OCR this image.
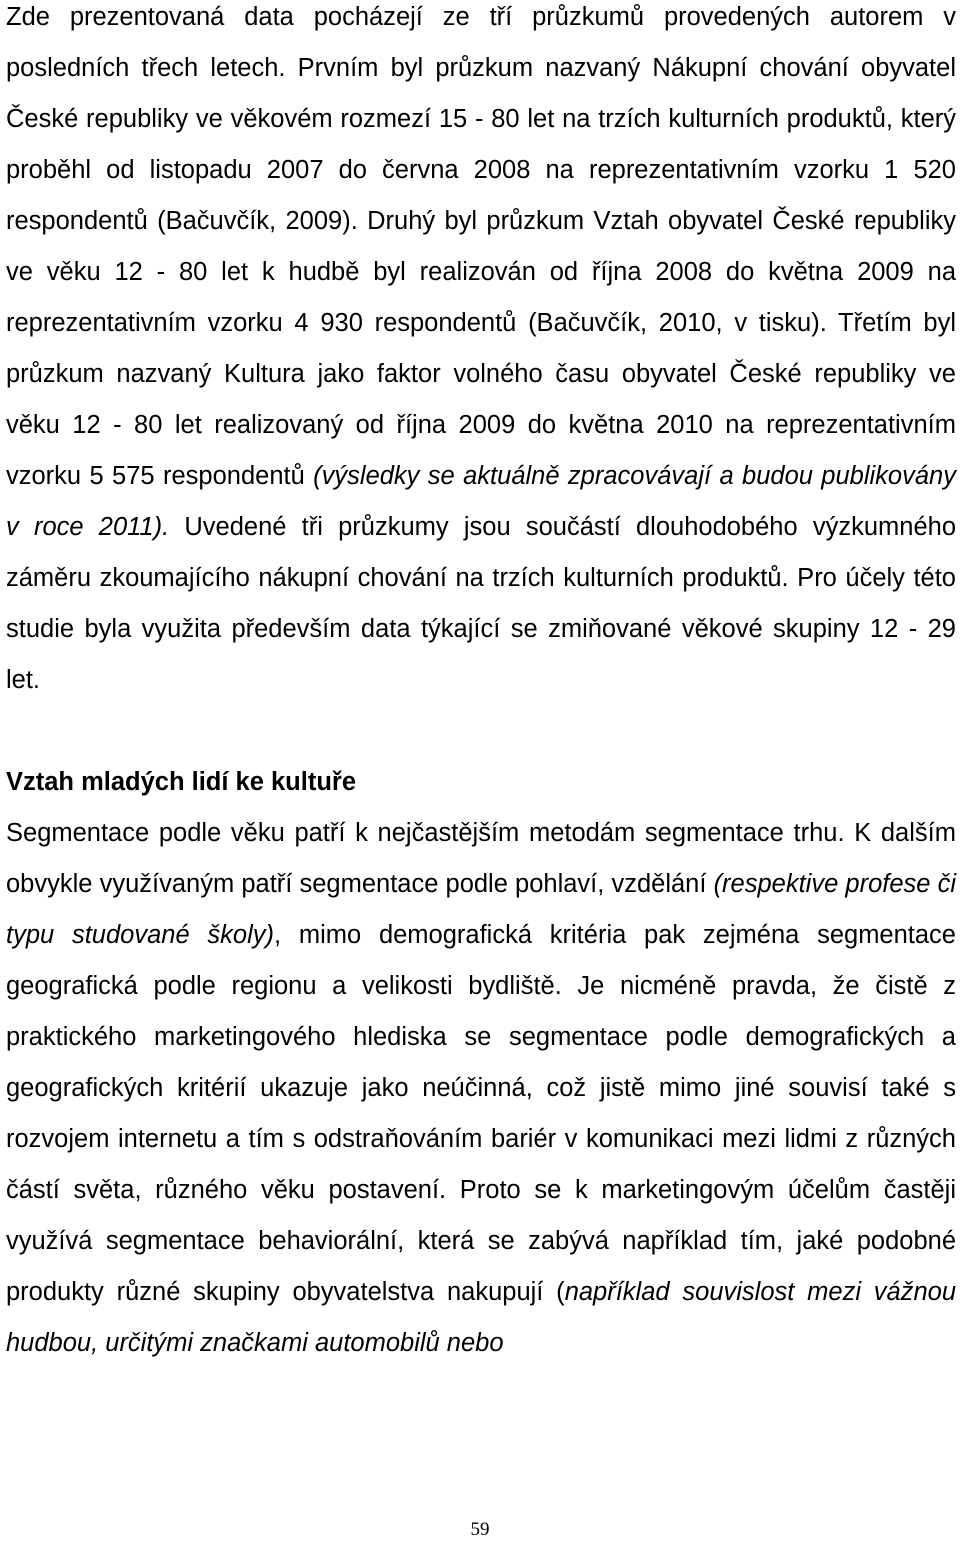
Zde prezentovaná data pocházejí ze tří průzkumů provedených autorem v posledních třech letech. Prvním byl průzkum nazvaný Nákupní chování obyvatel České republiky ve věkovém rozmezí 15 - 80 let na trzích kulturních produktů, který proběhl od listopadu 2007 do června 2008 na reprezentativním vzorku 1 520 respondentů (Bačuvčík, 2009). Druhý byl průzkum Vztah obyvatel České republiky ve věku 12 - 80 let k hudbě byl realizován od října 2008 do května 2009 na reprezentativním vzorku 4 930 respondentů (Bačuvčík, 2010, v tisku). Třetím byl průzkum nazvaný Kultura jako faktor volného času obyvatel České republiky ve věku 12 - 80 let realizovaný od října 2009 do května 2010 na reprezentativním vzorku 5 575 respondentů (výsledky se aktuálně zpracovávají a budou publikovány v roce 2011). Uvedené tři průzkumy jsou součástí dlouhodobého výzkumného záměru zkoumajícího nákupní chování na trzích kulturních produktů. Pro účely této studie byla využita především data týkající se zmiňované věkové skupiny 12 - 29 let.

Vztah mladých lidí ke kultuře

Segmentace podle věku patří k nejčastějším metodám segmentace trhu. K dalším obvykle využívaným patří segmentace podle pohlaví, vzdělání (respektive profese či typu studované školy), mimo demografická kritéria pak zejména segmentace geografická podle regionu a velikosti bydliště. Je nicméně pravda, že čistě z praktického marketingového hlediska se segmentace podle demografických a geografických kritérií ukazuje jako neúčinná, což jistě mimo jiné souvisí také s rozvojem internetu a tím s odstraňováním bariér v komunikaci mezi lidmi z různých částí světa, různého věku postavení. Proto se k marketingovým účelům častěji využívá segmentace behaviorální, která se zabývá například tím, jaké podobné produkty různé skupiny obyvatelstva nakupují (například souvislost mezi vážnou hudbou, určitými značkami automobilů nebo

59
